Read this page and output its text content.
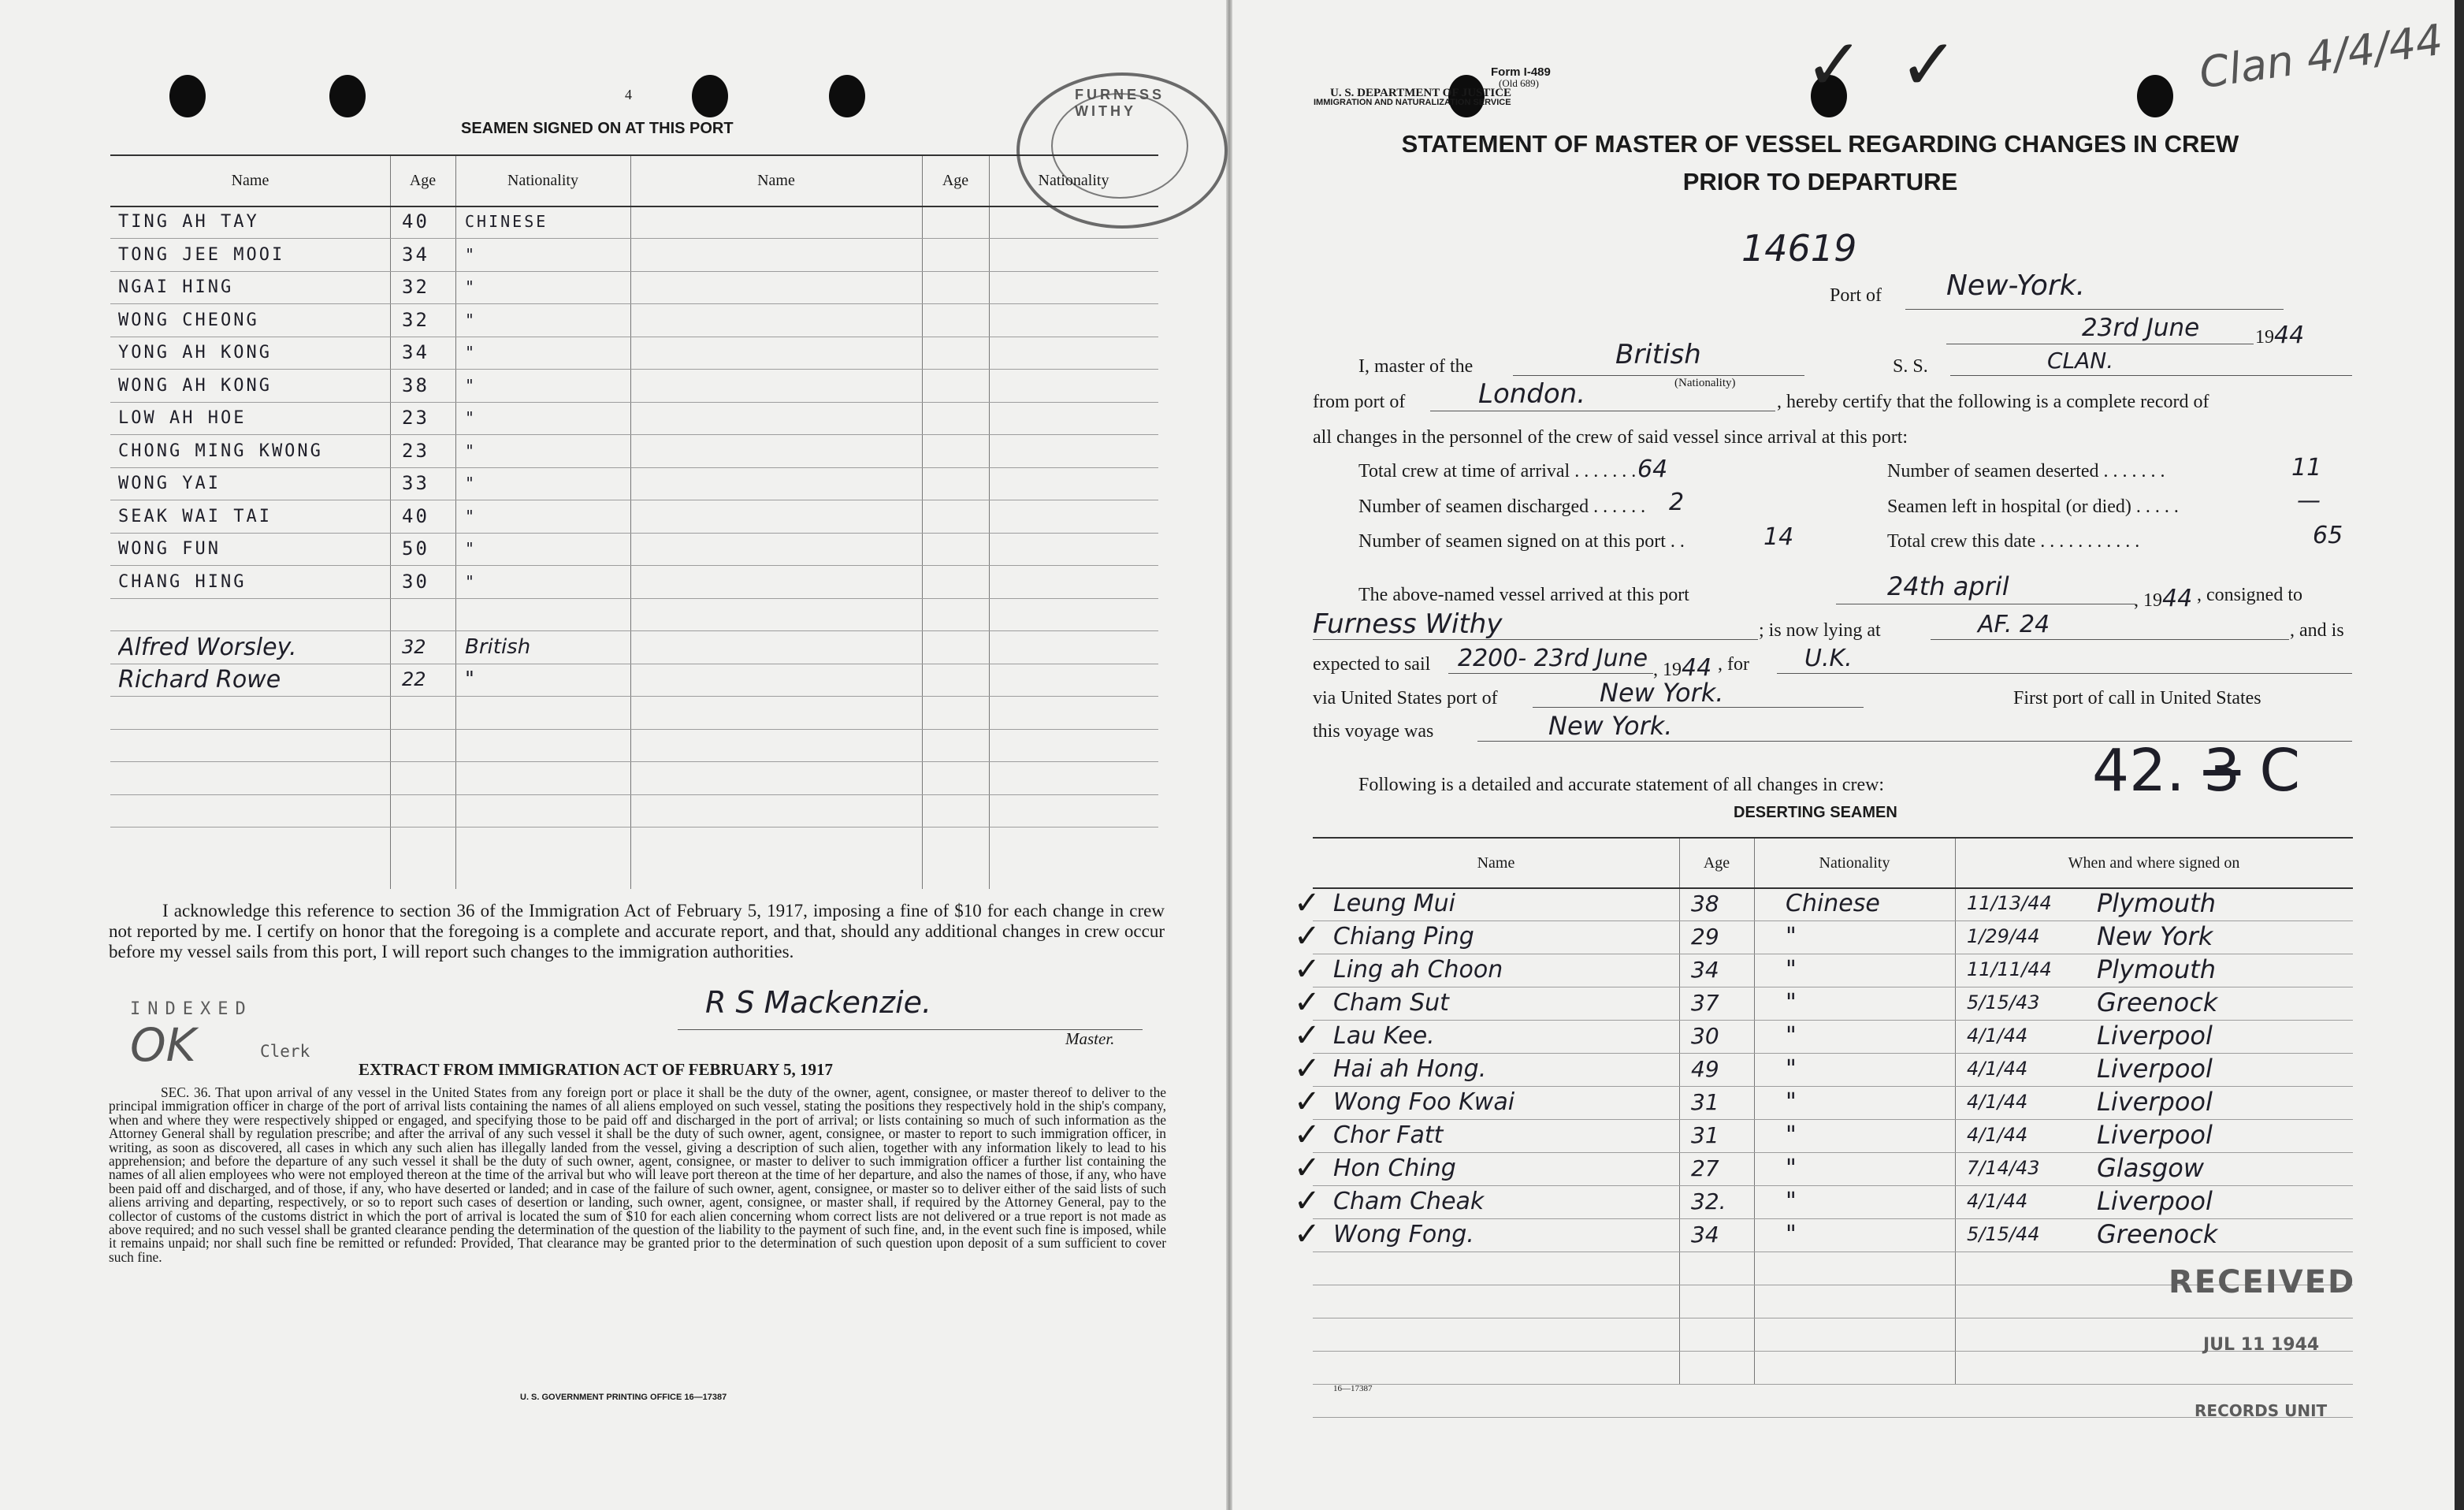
4
SEAMEN SIGNED ON AT THIS PORT
FURNESS WITHY
Name	Age	Nationality	Name	Age	Nationality
TING AH TAY	40	CHINESE
TONG JEE MOOI	34	"
NGAI HING	32	"
WONG CHEONG	32	"
YONG AH KONG	34	"
WONG AH KONG	38	"
LOW AH HOE	23	"
CHONG MING KWONG	23	"
WONG YAI	33	"
SEAK WAI TAI	40	"
WONG FUN	50	"
CHANG HING	30	"
Alfred Worsley.	32	British
Richard Rowe	22	"
I acknowledge this reference to section 36 of the Immigration Act of February 5, 1917, imposing a fine of $10 for each change in crew not reported by me. I certify on honor that the foregoing is a complete and accurate report, and that, should any additional changes in crew occur before my vessel sails from this port, I will report such changes to the immigration authorities.
R S Mackenzie.
Master.
INDEXED
OK	Clerk
EXTRACT FROM IMMIGRATION ACT OF FEBRUARY 5, 1917
SEC. 36. That upon arrival of any vessel in the United States from any foreign port or place it shall be the duty of the owner, agent, consignee, or master thereof to deliver to the principal immigration officer in charge of the port of arrival lists containing the names of all aliens employed on such vessel, stating the positions they respectively hold in the ship's company, when and where they were respectively shipped or engaged, and specifying those to be paid off and discharged in the port of arrival; or lists containing so much of such information as the Attorney General shall by regulation prescribe; and after the arrival of any such vessel it shall be the duty of such owner, agent, consignee, or master to report to such immigration officer, in writing, as soon as discovered, all cases in which any such alien has illegally landed from the vessel, giving a description of such alien, together with any information likely to lead to his apprehension; and before the departure of any such vessel it shall be the duty of such owner, agent, consignee, or master to deliver to such immigration officer a further list containing the names of all alien employees who were not employed thereon at the time of the arrival but who will leave port thereon at the time of her departure, and also the names of those, if any, who have been paid off and discharged, and of those, if any, who have deserted or landed; and in case of the failure of such owner, agent, consignee, or master so to deliver either of the said lists of such aliens arriving and departing, respectively, or so to report such cases of desertion or landing, such owner, agent, consignee, or master shall, if required by the Attorney General, pay to the collector of customs of the customs district in which the port of arrival is located the sum of $10 for each alien concerning whom correct lists are not delivered or a true report is not made as above required; and no such vessel shall be granted clearance pending the determination of the question of the liability to the payment of such fine, and, in the event such fine is imposed, while it remains unpaid; nor shall such fine be remitted or refunded: Provided, That clearance may be granted prior to the determination of such question upon deposit of a sum sufficient to cover such fine.
U. S. GOVERNMENT PRINTING OFFICE 16—17387
Form I-489
(Old 689)
U. S. DEPARTMENT OF JUSTICE
IMMIGRATION AND NATURALIZATION SERVICE
STATEMENT OF MASTER OF VESSEL REGARDING CHANGES IN CREW
PRIOR TO DEPARTURE
Clan 4/4/44
14619
✓ ✓
Port of New-York.
23rd June	1944
I, master of the	British
(Nationality)
S. S.	CLAN.
from port of	London.	, hereby certify that the following is a complete record of
all changes in the personnel of the crew of said vessel since arrival at this port:
Total crew at time of arrival . . . . . . . 64	Number of seamen deserted . . . . . . .	11
Number of seamen discharged . . . . . . 2	Seamen left in hospital (or died) . . . . .	—
Number of seamen signed on at this port . .	14	Total crew this date . . . . . . . . . . .	65
The above-named vessel arrived at this port	24th april	, 1944 , consigned to
Furness Withy	; is now lying at	AF. 24	, and is
expected to sail 2200- 23rd June , 1944 , for U.K.
via United States port of	New York.	First port of call in United States
this voyage was	New York.
Following is a detailed and accurate statement of all changes in crew:	42. 3 C
DESERTING SEAMEN
Name	Age	Nationality	When and where signed on
✓ Leung Mui	38	Chinese	11/13/44	Plymouth
✓ Chiang Ping	29	"	1/29/44	New York
✓ Ling ah Choon	34	"	11/11/44	Plymouth
✓ Cham Sut	37	"	5/15/43	Greenock
✓ Lau Kee.	30	"	4/1/44	Liverpool
✓ Hai ah Hong.	49	"	4/1/44	Liverpool
✓ Wong Foo Kwai	31	"	4/1/44	Liverpool
✓ Chor Fatt	31	"	4/1/44	Liverpool
✓ Hon Ching	27	"	7/14/43	Glasgow
✓ Cham Cheak	32.	"	4/1/44	Liverpool
✓ Wong Fong.	34	"	5/15/44	Greenock
RECEIVED
JUL 11 1944
RECORDS UNIT
16—17387
